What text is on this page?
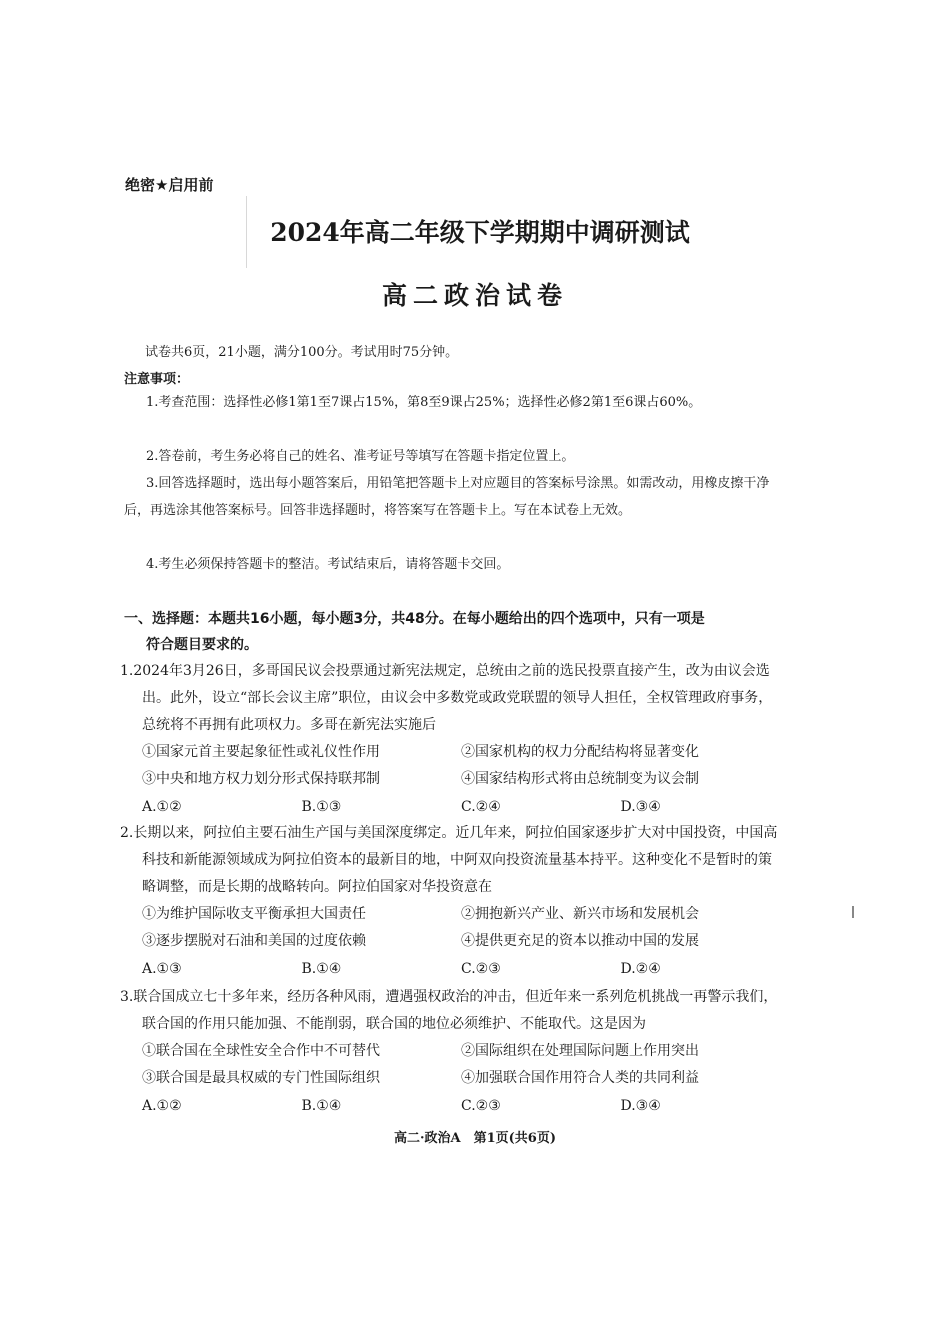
绝密★启用前
2024年高二年级下学期期中调研测试
高二政治试卷
试卷共6页，21小题，满分100分。考试用时75分钟。
注意事项：
1.考查范围：选择性必修1第1至7课占15%，第8至9课占25%；选择性必修2第1至6课占60%。
2.答卷前，考生务必将自己的姓名、准考证号等填写在答题卡指定位置上。
3.回答选择题时，选出每小题答案后，用铅笔把答题卡上对应题目的答案标号涂黑。如需改动，用橡皮擦干净后，再选涂其他答案标号。回答非选择题时，将答案写在答题卡上。写在本试卷上无效。
4.考生必须保持答题卡的整洁。考试结束后，请将答题卡交回。
一、选择题：本题共16小题，每小题3分，共48分。在每小题给出的四个选项中，只有一项是
符合题目要求的。
1.2024年3月26日，多哥国民议会投票通过新宪法规定，总统由之前的选民投票直接产生，改为由议会选出。此外，设立“部长会议主席”职位，由议会中多数党或政党联盟的领导人担任，全权管理政府事务，总统将不再拥有此项权力。多哥在新宪法实施后
①国家元首主要起象征性或礼仪性作用	②国家机构的权力分配结构将显著变化
③中央和地方权力划分形式保持联邦制	④国家结构形式将由总统制变为议会制
A.①②	B.①③	C.②④	D.③④
2.长期以来，阿拉伯主要石油生产国与美国深度绑定。近几年来，阿拉伯国家逐步扩大对中国投资，中国高科技和新能源领域成为阿拉伯资本的最新目的地，中阿双向投资流量基本持平。这种变化不是暂时的策略调整，而是长期的战略转向。阿拉伯国家对华投资意在
①为维护国际收支平衡承担大国责任	②拥抱新兴产业、新兴市场和发展机会
③逐步摆脱对石油和美国的过度依赖	④提供更充足的资本以推动中国的发展
A.①③	B.①④	C.②③	D.②④
3.联合国成立七十多年来，经历各种风雨，遭遇强权政治的冲击，但近年来一系列危机挑战一再警示我们，联合国的作用只能加强、不能削弱，联合国的地位必须维护、不能取代。这是因为
①联合国在全球性安全合作中不可替代	②国际组织在处理国际问题上作用突出
③联合国是最具权威的专门性国际组织	④加强联合国作用符合人类的共同利益
A.①②	B.①④	C.②③	D.③④
高二·政治A　第1页(共6页)
